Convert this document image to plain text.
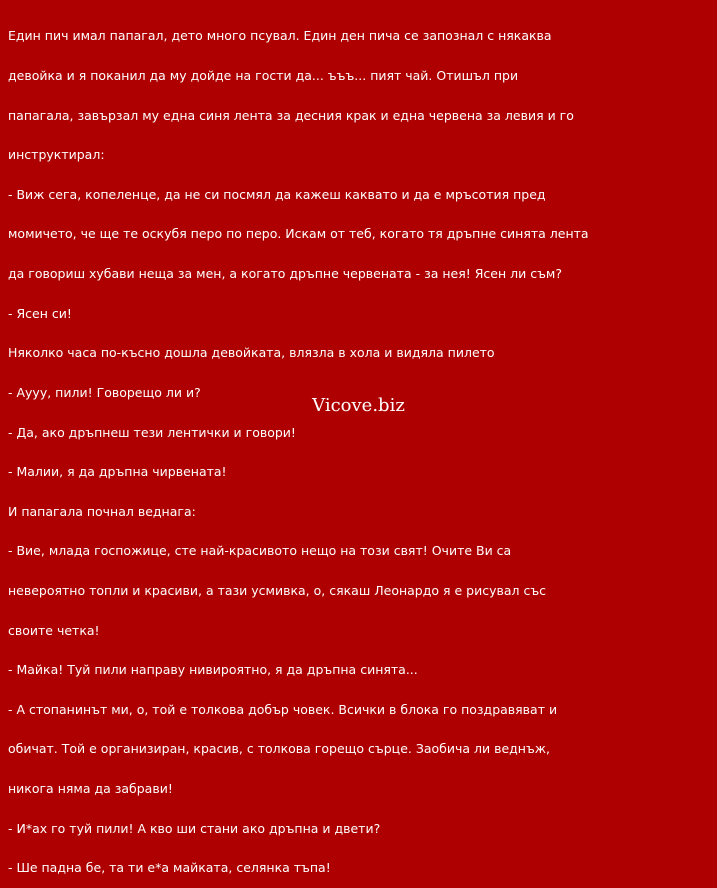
Един пич имал папагал, дето много псувал. Един ден пича се запознал с някаква

девойка и я поканил да му дойде на гости да... ъъъ... пият чай. Отишъл при

папагала, завързал му една синя лента за десния крак и една червена за левия и го

инструктирал:

- Виж сега, копеленце, да не си посмял да кажеш каквато и да е мръсотия пред

момичето, че ще те оскубя перо по перо. Искам от теб, когато тя дръпне синята лента

да говориш хубави неща за мен, а когато дръпне червената - за нея! Ясен ли съм?

- Ясен си!

Няколко часа по-късно дошла девойката, влязла в хола и видяла пилето

- Аууу, пили! Говорещо ли и?

- Да, ако дръпнеш тези лентички и говори!

- Малии, я да дръпна чирвената!

И папагала почнал веднага:

- Вие, млада госпожице, сте най-красивото нещо на този свят! Очите Ви са

невероятно топли и красиви, а тази усмивка, о, сякаш Леонардо я е рисувал със

своите четка!

- Майка! Туй пили направу нивироятно, я да дръпна синята...

- А стопанинът ми, о, той е толкова добър човек. Всички в блока го поздравяват и

обичат. Той е организиран, красив, с толкова горещо сърце. Заобича ли веднъж,

никога няма да забрави!

- И*ах го туй пили! А кво ши стани ако дръпна и двети?

- Ше падна бе, та ти е*а майката, селянка тъпа!

Vicove.biz
